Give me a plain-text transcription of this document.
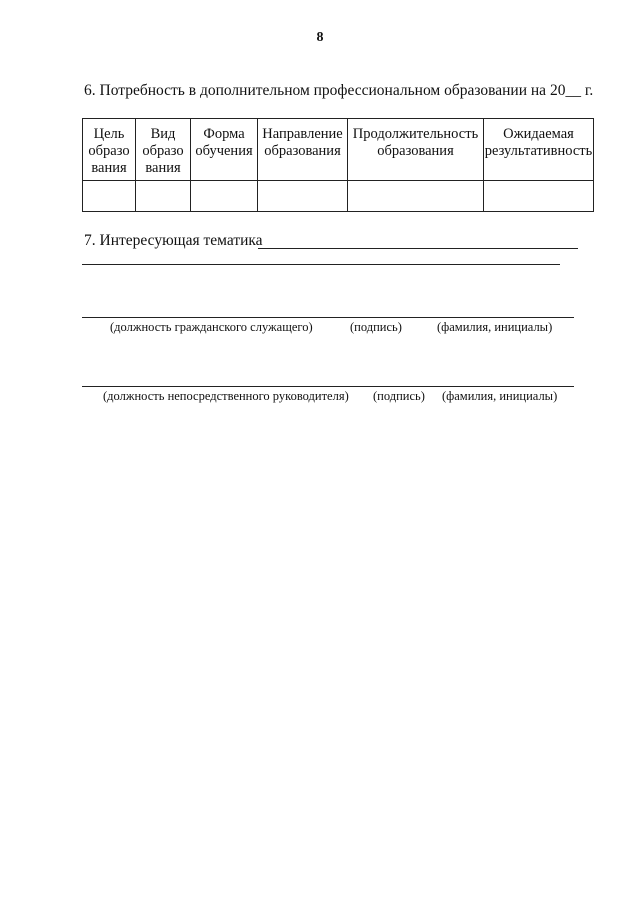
8
6. Потребность в дополнительном профессиональном образовании на 20__ г.
Цель
образо
вания	Вид
образо
вания	Форма
обучения	Направление
образования	Продолжительность
образования	Ожидаемая
результативность

7. Интересующая тематика
(должность гражданского служащего)	(подпись)	(фамилия, инициалы)
(должность непосредственного руководителя) (подпись) (фамилия, инициалы)
